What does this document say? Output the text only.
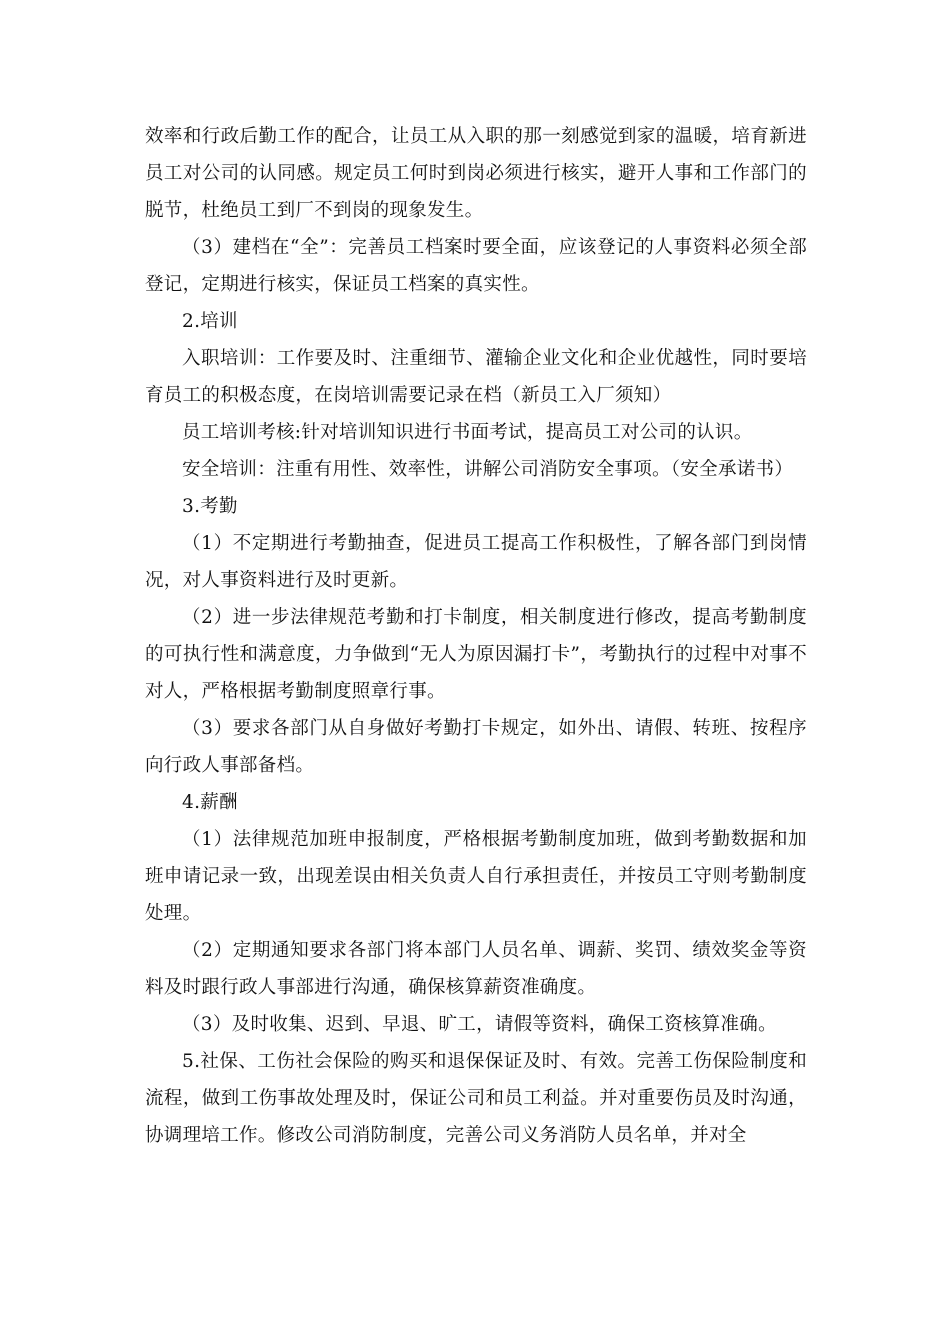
效率和行政后勤工作的配合，让员工从入职的那一刻感觉到家的温暖，培育新进员工对公司的认同感。规定员工何时到岗必须进行核实，避开人事和工作部门的脱节，杜绝员工到厂不到岗的现象发生。

（3）建档在“全”：完善员工档案时要全面，应该登记的人事资料必须全部登记，定期进行核实，保证员工档案的真实性。

2.培训

入职培训：工作要及时、注重细节、灌输企业文化和企业优越性，同时要培育员工的积极态度，在岗培训需要记录在档（新员工入厂须知）

员工培训考核:针对培训知识进行书面考试，提高员工对公司的认识。

安全培训：注重有用性、效率性，讲解公司消防安全事项。（安全承诺书）

3.考勤

（1）不定期进行考勤抽查，促进员工提高工作积极性，了解各部门到岗情况，对人事资料进行及时更新。

（2）进一步法律规范考勤和打卡制度，相关制度进行修改，提高考勤制度的可执行性和满意度，力争做到“无人为原因漏打卡”，考勤执行的过程中对事不对人，严格根据考勤制度照章行事。

（3）要求各部门从自身做好考勤打卡规定，如外出、请假、转班、按程序向行政人事部备档。

4.薪酬

（1）法律规范加班申报制度，严格根据考勤制度加班，做到考勤数据和加班申请记录一致，出现差误由相关负责人自行承担责任，并按员工守则考勤制度处理。

（2）定期通知要求各部门将本部门人员名单、调薪、奖罚、绩效奖金等资料及时跟行政人事部进行沟通，确保核算薪资准确度。

（3）及时收集、迟到、早退、旷工，请假等资料，确保工资核算准确。

5.社保、工伤社会保险的购买和退保保证及时、有效。完善工伤保险制度和流程，做到工伤事故处理及时，保证公司和员工利益。并对重要伤员及时沟通，协调理培工作。修改公司消防制度，完善公司义务消防人员名单，并对全
